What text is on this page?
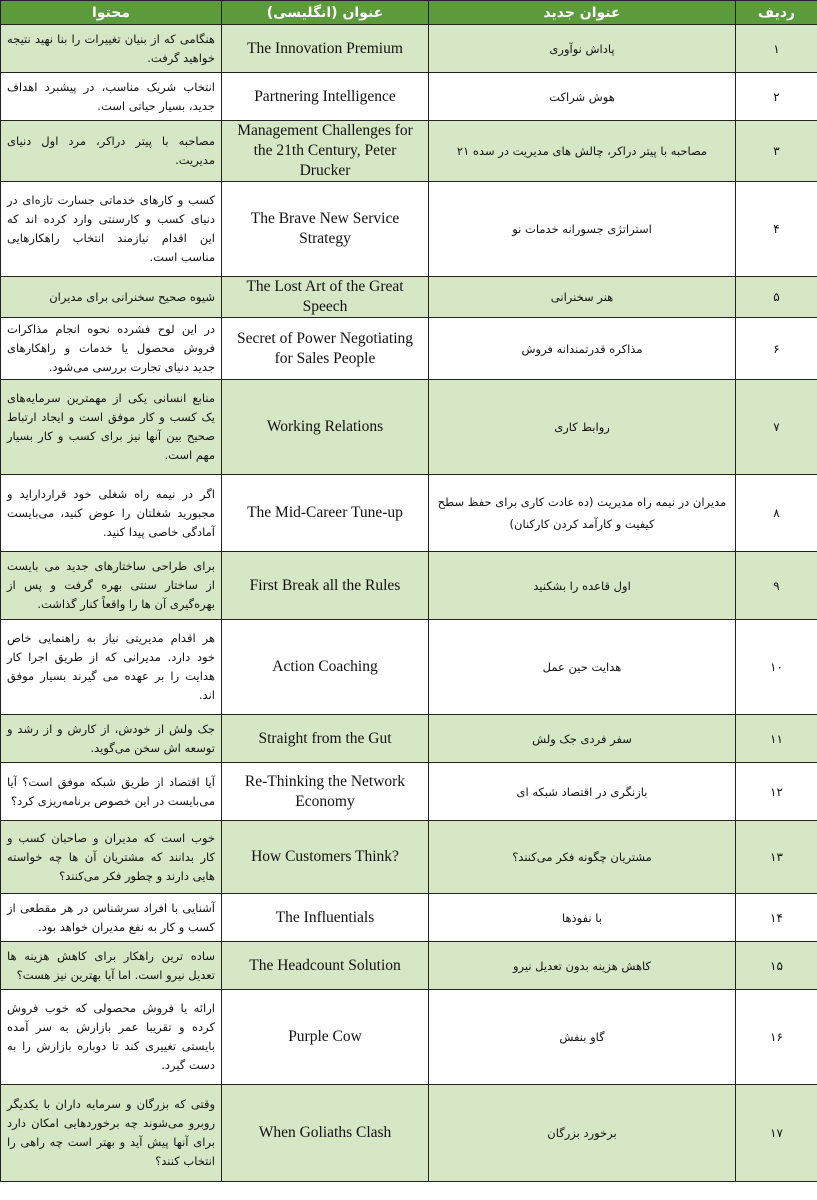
محتوا	عنوان (انگلیسی)	عنوان جدید	ردیف
هنگامی که از بنیان تغییرات را بنا نهید نتیجه خواهید گرفت.	The Innovation Premium	پاداش نوآوری	۱
انتخاب شریک مناسب، در پیشبرد اهداف جدید، بسیار حیاتی است.	Partnering Intelligence	هوش شراکت	۲
مصاحبه با پیتر دراکر، مرد اول دنیای مدیریت.	Management Challenges for the 21th Century, Peter Drucker	مصاحبه با پیتر دراکر، چالش های مدیریت در سده ۲۱	۳
کسب و کارهای خدماتی جسارت تازه‌ای در دنیای کسب و کارسنتی وارد کرده اند که این اقدام نیازمند انتخاب راهکارهایی مناسب است.	The Brave New Service Strategy	استراتژی جسورانه خدمات نو	۴
شیوه صحیح سخنرانی برای مدیران	The Lost Art of the Great Speech	هنر سخنرانی	۵
در این لوح فشرده نحوه انجام مذاکرات فروش محصول یا خدمات و راهکارهای جدید دنیای تجارت بررسی می‌شود.	Secret of Power Negotiating for Sales People	مذاکره قدرتمندانه فروش	۶
منابع انسانی یکی از مهمترین سرمایه‌های یک کسب و کار موفق است و ایجاد ارتباط صحیح بین آنها نیز برای کسب و کار بسیار مهم است.	Working Relations	روابط کاری	۷
اگر در نیمه راه شغلی خود قرارداراید و مجبورید شغلتان را عوض کنید، می‌بایست آمادگی خاصی پیدا کنید.	The Mid-Career Tune-up	مدیران در نیمه راه مدیریت (ده عادت کاری برای حفظ سطح کیفیت و کارآمد کردن کارکنان)	۸
برای طراحی ساختارهای جدید می بایست از ساختار سنتی بهره گرفت و پس از بهره‌گیری آن ها را واقعاً کنار گذاشت.	First Break all the Rules	اول قاعده را بشکنید	۹
هر اقدام مدیریتی نیاز به راهنمایی خاص خود دارد. مدیرانی که از طریق اجرا کار هدایت را بر عهده می گیرند بسیار موفق اند.	Action Coaching	هدایت حین عمل	۱۰
جک ولش از خودش، از کارش و از رشد و توسعه اش سخن می‌گوید.	Straight from the Gut	سفر فردی جک ولش	۱۱
آیا اقتصاد از طریق شبکه موفق است؟ آیا می‌بایست در این خصوص برنامه‌ریزی کرد؟	Re-Thinking the Network Economy	بازنگری در اقتصاد شبکه ای	۱۲
خوب است که مدیران و صاحبان کسب و کار بدانند که مشتریان آن ها چه خواسته هایی دارند و چطور فکر می‌کنند؟	How Customers Think?	مشتریان چگونه فکر می‌کنند؟	۱۳
آشنایی با افراد سرشناس در هر مقطعی از کسب و کار به نفع مدیران خواهد بود.	The Influentials	با نفوذها	۱۴
ساده ترین راهکار برای کاهش هزینه ها تعدیل نیرو است. اما آیا بهترین نیز هست؟	The Headcount Solution	کاهش هزینه بدون تعدیل نیرو	۱۵
ارائه یا فروش محصولی که خوب فروش کرده و تقریبا عمر بازارش به سر آمده بایستی تغییری کند تا دوباره بازارش را به دست گیرد.	Purple Cow	گاو بنفش	۱۶
وقتی که بزرگان و سرمایه داران با یکدیگر روبرو می‌شوند چه برخوردهایی امکان دارد برای آنها پیش آید و بهتر است چه راهی را انتخاب کنند؟	When Goliaths Clash	برخورد بزرگان	۱۷
